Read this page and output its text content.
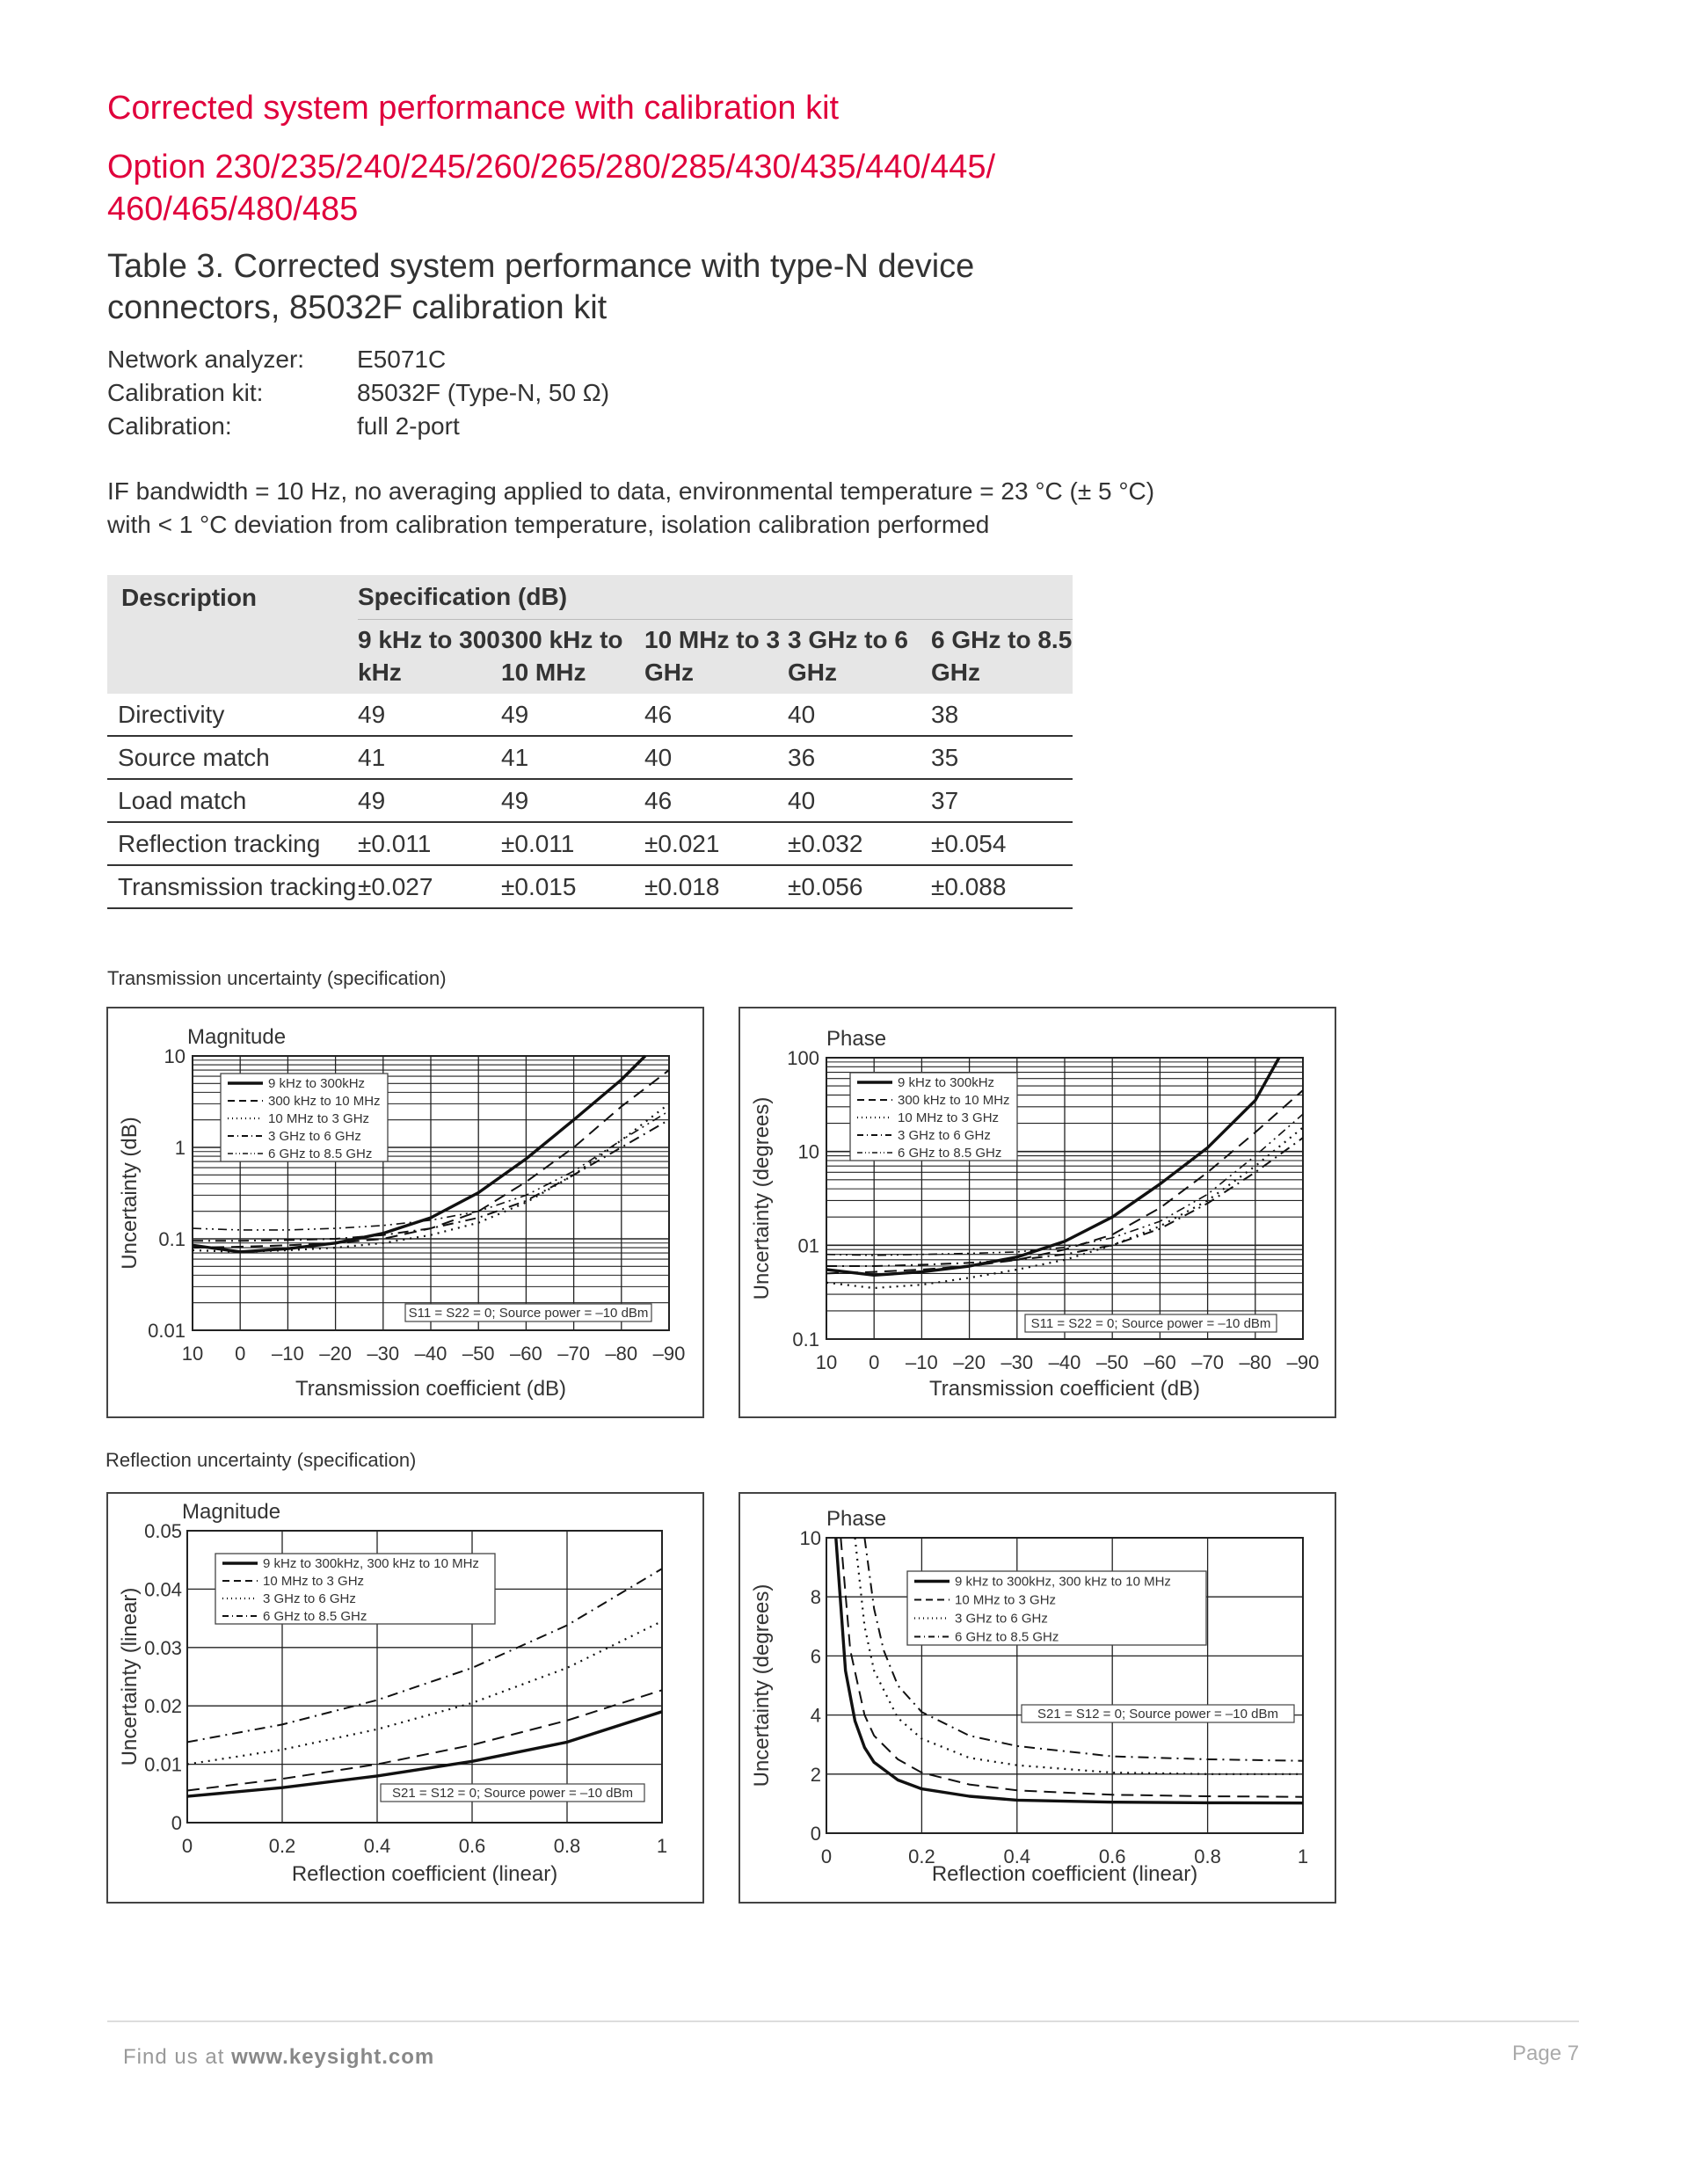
Corrected system performance with calibration kit
Option 230/235/240/245/260/265/280/285/430/435/440/445/ 460/465/480/485
Table 3. Corrected system performance with type-N device connectors, 85032F calibration kit
Network analyzer: E5071C
Calibration kit:	85032F (Type-N, 50 Ω)
Calibration:	full 2-port
IF bandwidth = 10 Hz, no averaging applied to data, environmental temperature = 23 °C (± 5 °C) with < 1 °C deviation from calibration temperature, isolation calibration performed
Description	Specification (dB)				
	9 kHz to 300 kHz	300 kHz to 10 MHz	10 MHz to 3 GHz	3 GHz to 6 GHz	6 GHz to 8.5 GHz
Directivity	49	49	46	40	38
Source match	41	41	40	36	35
Load match	49	49	46	40	37
Reflection tracking	±0.011	±0.011	±0.021	±0.032	±0.054
Transmission tracking	±0.027	±0.015	±0.018	±0.056	±0.088
Transmission uncertainty (specification)
Reflection uncertainty (specification)
10 0 –10 –20 –30 –40 –50 –60 –70 –80 –90
10
1
0.1
0.01
Magnitude
Transmission coefficient (dB)
Uncertainty (dB)
9 kHz to 300kHz
300 kHz to 10 MHz
10 MHz to 3 GHz
3 GHz to 6 GHz
6 GHz to 8.5 GHz
S11 = S22 = 0; Source power = –10 dBm
10 0 –10 –20 –30 –40 –50 –60 –70 –80 –90
100
10
01
0.1
Phase
Transmission coefficient (dB)
Uncertainty (degrees)
9 kHz to 300kHz
300 kHz to 10 MHz
10 MHz to 3 GHz
3 GHz to 6 GHz
6 GHz to 8.5 GHz
S11 = S22 = 0; Source power = –10 dBm
0	0.2	0.4	0.6	0.8	1
0.05
0.04
0.03
0.02
0.01
0
Magnitude
Reflection coefficient (linear)
Uncertainty (linear)
9 kHz to 300kHz, 300 kHz to 10 MHz
10 MHz to 3 GHz
3 GHz to 6 GHz
6 GHz to 8.5 GHz
S21 = S12 = 0; Source power = –10 dBm
0	0.2	0.4	0.6	0.8	1
10
8
6
4
2
0
Phase
Reflection coefficient (linear)
Uncertainty (degrees)
9 kHz to 300kHz, 300 kHz to 10 MHz
10 MHz to 3 GHz
3 GHz to 6 GHz
6 GHz to 8.5 GHz
S21 = S12 = 0; Source power = –10 dBm
Find us at www.keysight.com	Page 7
